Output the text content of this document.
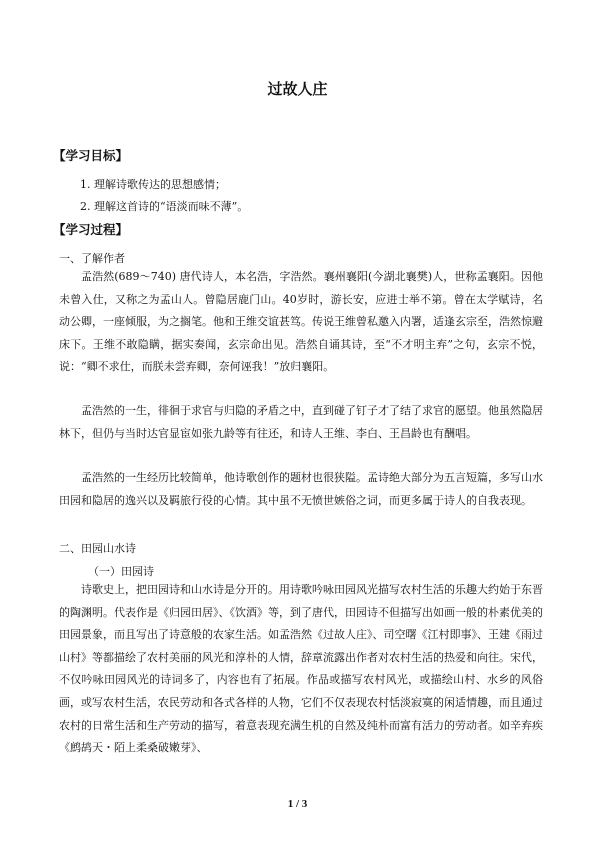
过故人庄
【学习目标】
1. 理解诗歌传达的思想感情；
2. 理解这首诗的“语淡而味不薄”。
【学习过程】
一、了解作者

孟浩然(689～740) 唐代诗人，本名浩，字浩然。襄州襄阳(今湖北襄樊)人，世称孟襄阳。因他未曾入仕，又称之为孟山人。曾隐居鹿门山。40岁时，游长安，应进士举不第。曾在太学赋诗，名动公卿，一座倾服，为之搁笔。他和王维交谊甚笃。传说王维曾私邀入内署，适逢玄宗至，浩然惊避床下。王维不敢隐瞒，据实奏闻，玄宗命出见。浩然自诵其诗，至“不才明主弃”之句，玄宗不悦，说：“卿不求仕，而朕未尝弃卿，奈何诬我！”放归襄阳。

孟浩然的一生，徘徊于求官与归隐的矛盾之中，直到碰了钉子才了结了求官的愿望。他虽然隐居林下，但仍与当时达官显宦如张九龄等有往还，和诗人王维、李白、王昌龄也有酬唱。

孟浩然的一生经历比较简单，他诗歌创作的题材也很狭隘。孟诗绝大部分为五言短篇，多写山水田园和隐居的逸兴以及羁旅行役的心情。其中虽不无愤世嫉俗之词，而更多属于诗人的自我表现。

二、田园山水诗
（一）田园诗

诗歌史上，把田园诗和山水诗是分开的。用诗歌吟咏田园风光描写农村生活的乐趣大约始于东晋的陶渊明。代表作是《归园田居》、《饮酒》等，到了唐代，田园诗不但描写出如画一般的朴素优美的田园景象，而且写出了诗意般的农家生活。如孟浩然《过故人庄》、司空曙《江村即事》、王建《雨过山村》等都描绘了农村美丽的风光和淳朴的人情，辞章流露出作者对农村生活的热爱和向往。宋代，不仅吟咏田园风光的诗词多了，内容也有了拓展。作品或描写农村风光，或描绘山村、水乡的风俗画，或写农村生活，农民劳动和各式各样的人物，它们不仅表现农村恬淡寂寞的闲适情趣，而且通过农村的日常生活和生产劳动的描写，着意表现充满生机的自然及纯朴而富有活力的劳动者。如辛弃疾《鹧鸪天・陌上柔桑破嫩芽》、

1 / 3
